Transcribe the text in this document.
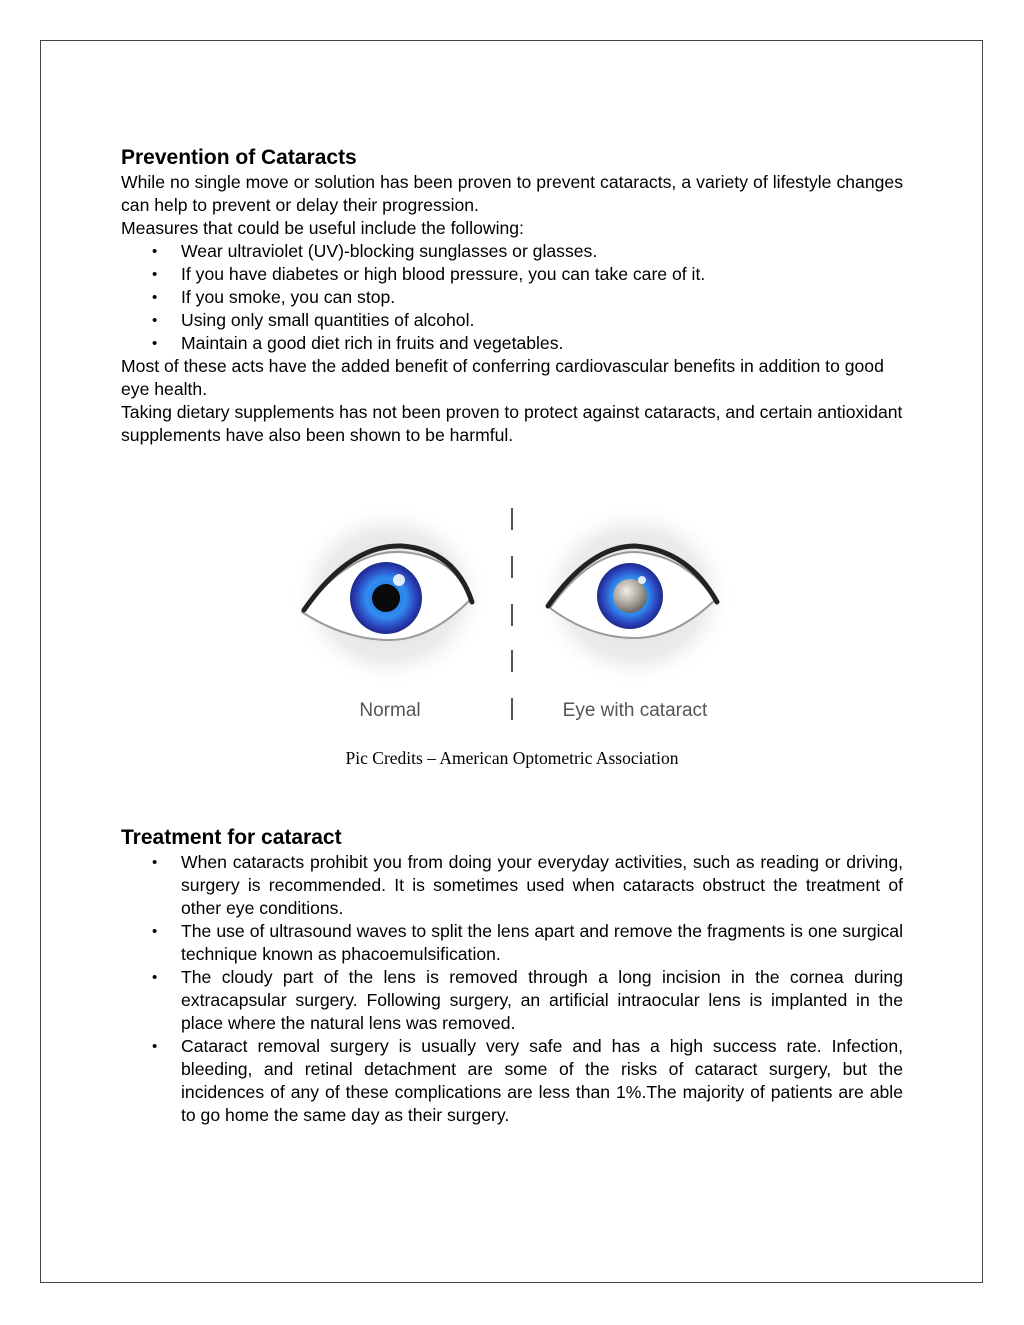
Prevention of Cataracts

While no single move or solution has been proven to prevent cataracts, a variety of lifestyle changes can help to prevent or delay their progression.

Measures that could be useful include the following:

• Wear ultraviolet (UV)-blocking sunglasses or glasses.
• If you have diabetes or high blood pressure, you can take care of it.
• If you smoke, you can stop.
• Using only small quantities of alcohol.
• Maintain a good diet rich in fruits and vegetables.

Most of these acts have the added benefit of conferring cardiovascular benefits in addition to good eye health.

Taking dietary supplements has not been proven to protect against cataracts, and certain antioxidant supplements have also been shown to be harmful.

Normal	Eye with cataract
Pic Credits – American Optometric Association
Treatment for cataract
• When cataracts prohibit you from doing your everyday activities, such as reading or driving, surgery is recommended. It is sometimes used when cataracts obstruct the treatment of other eye conditions.
• The use of ultrasound waves to split the lens apart and remove the fragments is one surgical technique known as phacoemulsification.
• The cloudy part of the lens is removed through a long incision in the cornea during extracapsular surgery. Following surgery, an artificial intraocular lens is implanted in the place where the natural lens was removed.
• Cataract removal surgery is usually very safe and has a high success rate. Infection, bleeding, and retinal detachment are some of the risks of cataract surgery, but the incidences of any of these complications are less than 1%.The majority of patients are able to go home the same day as their surgery.
